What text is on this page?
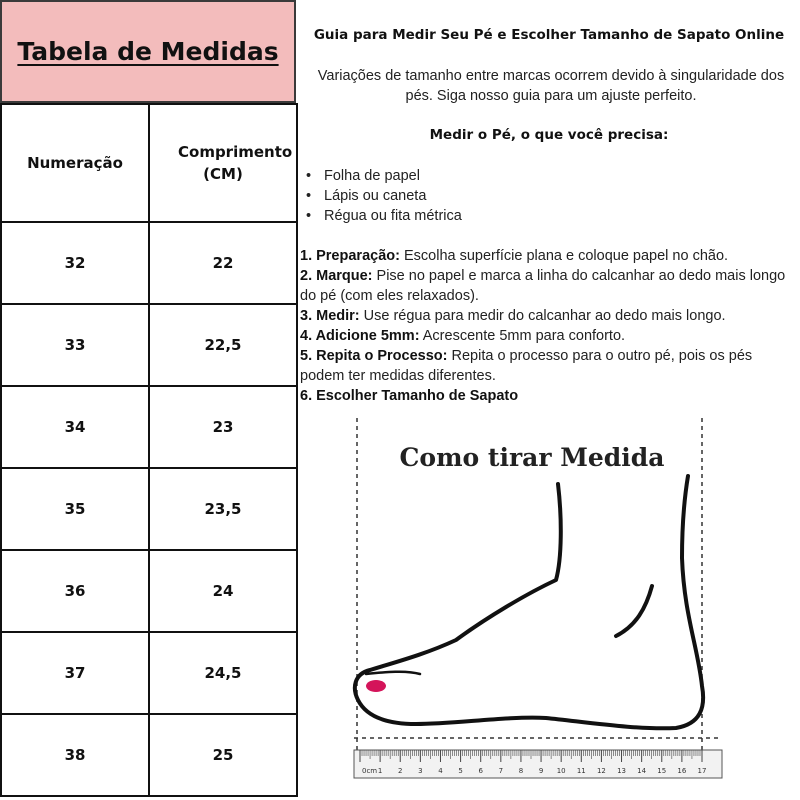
Tabela de Medidas
Numeração	Comprimento (CM)

32	22
33	22,5
34	23
35	23,5
36	24
37	24,5
38	25
Guia para Medir Seu Pé e Escolher Tamanho de Sapato Online
Variações de tamanho entre marcas ocorrem devido à singularidade dos pés. Siga nosso guia para um ajuste perfeito.
Medir o Pé, o que você precisa:
• Folha de papel
• Lápis ou caneta
• Régua ou fita métrica

1. Preparação: Escolha superfície plana e coloque papel no chão.

2. Marque: Pise no papel e marca a linha do calcanhar ao dedo mais longo do pé (com eles relaxados).

3. Medir: Use régua para medir do calcanhar ao dedo mais longo.

4. Adicione 5mm: Acrescente 5mm para conforto.

5. Repita o Processo: Repita o processo para o outro pé, pois os pés podem ter medidas diferentes.

6. Escolher Tamanho de Sapato

Como tirar Medida
0cm 1 2 3 4 5 6 7 8 9 10 11 12 13 14 15 16 17
